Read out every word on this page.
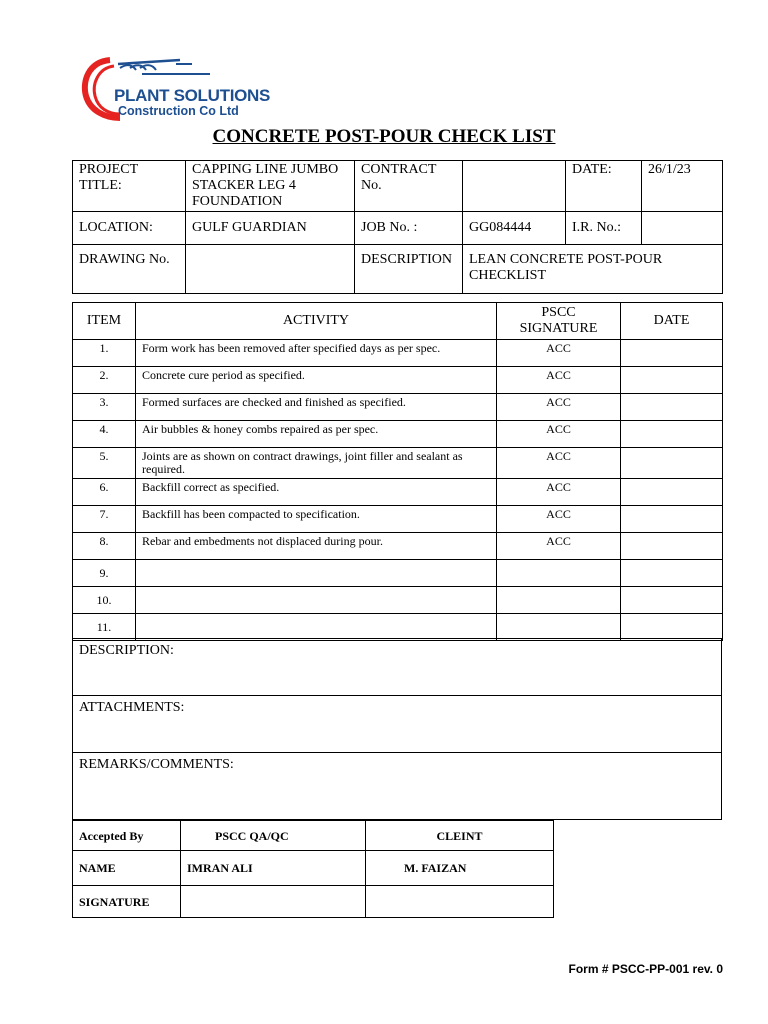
PLANT SOLUTIONS
Construction Co Ltd
CONCRETE POST-POUR CHECK LIST
PROJECT TITLE:	CAPPING LINE JUMBO STACKER LEG 4 FOUNDATION	CONTRACT No.		DATE:	26/1/23
LOCATION:	GULF GUARDIAN	JOB No. :	GG084444	I.R. No.:	
DRAWING No.		DESCRIPTION	LEAN CONCRETE POST-POUR CHECKLIST		
ITEM	ACTIVITY	PSCC SIGNATURE	DATE
1.	Form work has been removed after specified days as per spec.	ACC	
2.	Concrete cure period as specified.	ACC	
3.	Formed surfaces are checked and finished as specified.	ACC	
4.	Air bubbles & honey combs repaired as per spec.	ACC	
5.	Joints are as shown on contract drawings, joint filler and sealant as required.	ACC	
6.	Backfill correct as specified.	ACC	
7.	Backfill has been compacted to specification.	ACC	
8.	Rebar and embedments not displaced during pour.	ACC	
9.			
10.			
11.			
DESCRIPTION:
ATTACHMENTS:
REMARKS/COMMENTS:
Accepted By	PSCC QA/QC	CLEINT
NAME	IMRAN ALI	M. FAIZAN
SIGNATURE		
Form # PSCC-PP-001 rev. 0
